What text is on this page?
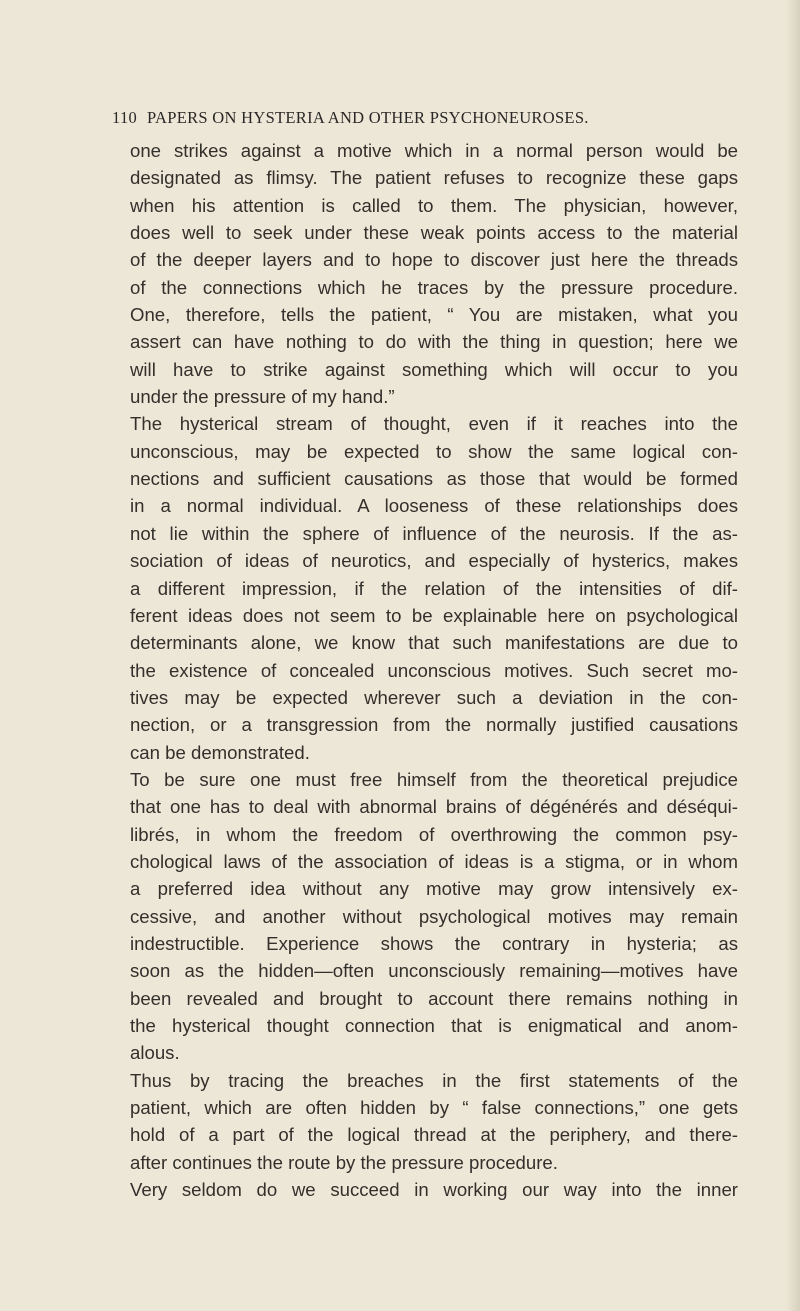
110 PAPERS ON HYSTERIA AND OTHER PSYCHONEUROSES.
one strikes against a motive which in a normal person would be
designated as flimsy. The patient refuses to recognize these gaps
when his attention is called to them. The physician, however,
does well to seek under these weak points access to the material
of the deeper layers and to hope to discover just here the threads
of the connections which he traces by the pressure procedure.
One, therefore, tells the patient, “ You are mistaken, what you
assert can have nothing to do with the thing in question; here we
will have to strike against something which will occur to you
under the pressure of my hand.”
The hysterical stream of thought, even if it reaches into the
unconscious, may be expected to show the same logical con-
nections and sufficient causations as those that would be formed
in a normal individual. A looseness of these relationships does
not lie within the sphere of influence of the neurosis. If the as-
sociation of ideas of neurotics, and especially of hysterics, makes
a different impression, if the relation of the intensities of dif-
ferent ideas does not seem to be explainable here on psychological
determinants alone, we know that such manifestations are due to
the existence of concealed unconscious motives. Such secret mo-
tives may be expected wherever such a deviation in the con-
nection, or a transgression from the normally justified causations
can be demonstrated.
To be sure one must free himself from the theoretical prejudice
that one has to deal with abnormal brains of dégénérés and déséqui-
librés, in whom the freedom of overthrowing the common psy-
chological laws of the association of ideas is a stigma, or in whom
a preferred idea without any motive may grow intensively ex-
cessive, and another without psychological motives may remain
indestructible. Experience shows the contrary in hysteria; as
soon as the hidden—often unconsciously remaining—motives have
been revealed and brought to account there remains nothing in
the hysterical thought connection that is enigmatical and anom-
alous.
Thus by tracing the breaches in the first statements of the
patient, which are often hidden by “ false connections,” one gets
hold of a part of the logical thread at the periphery, and there-
after continues the route by the pressure procedure.
Very seldom do we succeed in working our way into the inner
